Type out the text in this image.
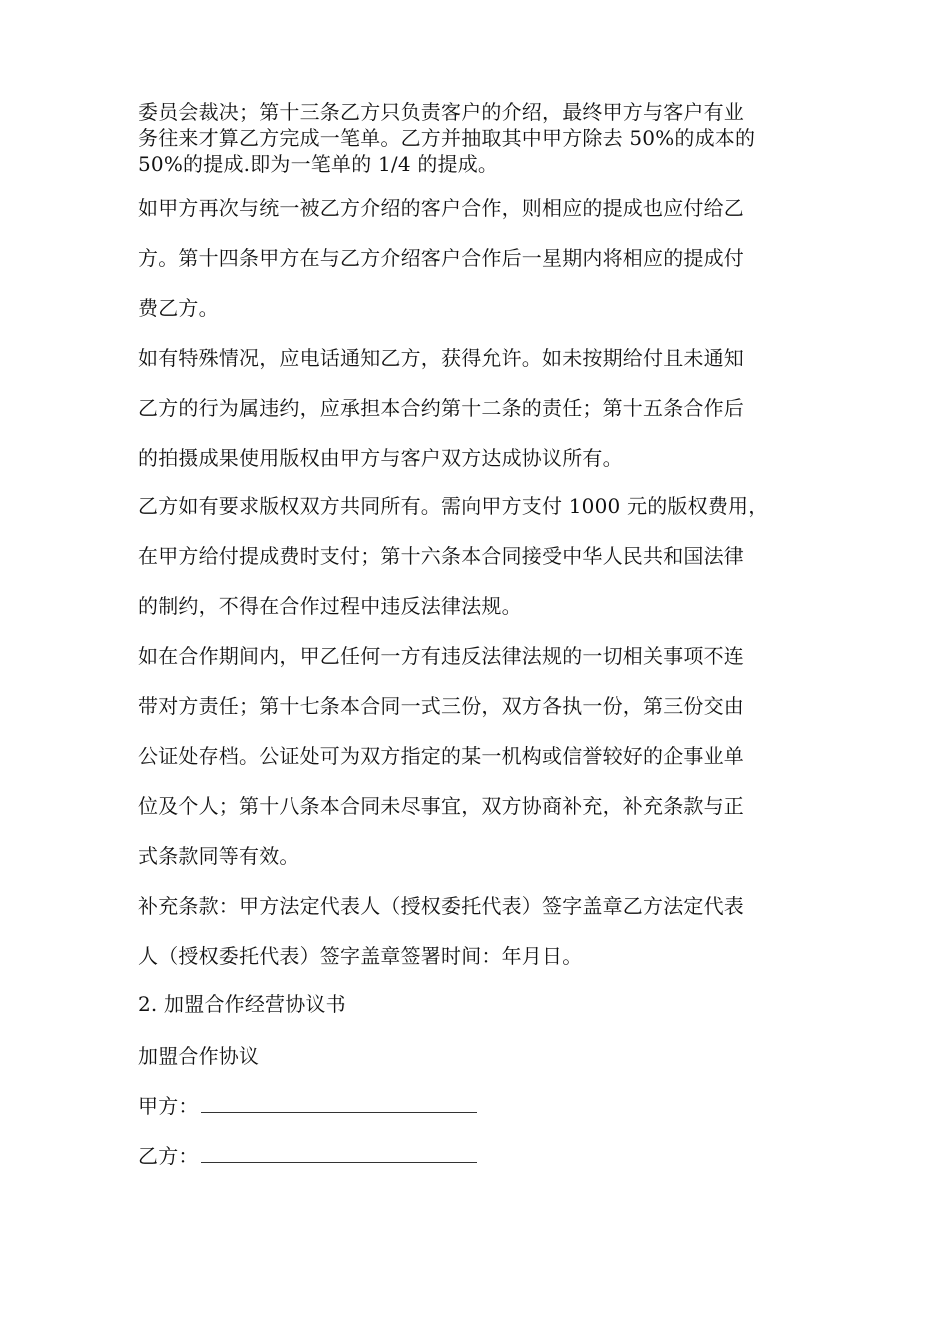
委员会裁决；第十三条乙方只负责客户的介绍，最终甲方与客户有业
务往来才算乙方完成一笔单。乙方并抽取其中甲方除去 50%的成本的
50%的提成.即为一笔单的 1/4 的提成。
如甲方再次与统一被乙方介绍的客户合作，则相应的提成也应付给乙
方。第十四条甲方在与乙方介绍客户合作后一星期内将相应的提成付
费乙方。
如有特殊情况，应电话通知乙方，获得允许。如未按期给付且未通知
乙方的行为属违约，应承担本合约第十二条的责任；第十五条合作后
的拍摄成果使用版权由甲方与客户双方达成协议所有。
乙方如有要求版权双方共同所有。需向甲方支付 1000 元的版权费用，
在甲方给付提成费时支付；第十六条本合同接受中华人民共和国法律
的制约，不得在合作过程中违反法律法规。
如在合作期间内，甲乙任何一方有违反法律法规的一切相关事项不连
带对方责任；第十七条本合同一式三份，双方各执一份，第三份交由
公证处存档。公证处可为双方指定的某一机构或信誉较好的企事业单
位及个人；第十八条本合同未尽事宜，双方协商补充，补充条款与正
式条款同等有效。
补充条款：甲方法定代表人（授权委托代表）签字盖章乙方法定代表
人（授权委托代表）签字盖章签署时间：年月日。
2. 加盟合作经营协议书
加盟合作协议
甲方：
乙方：
